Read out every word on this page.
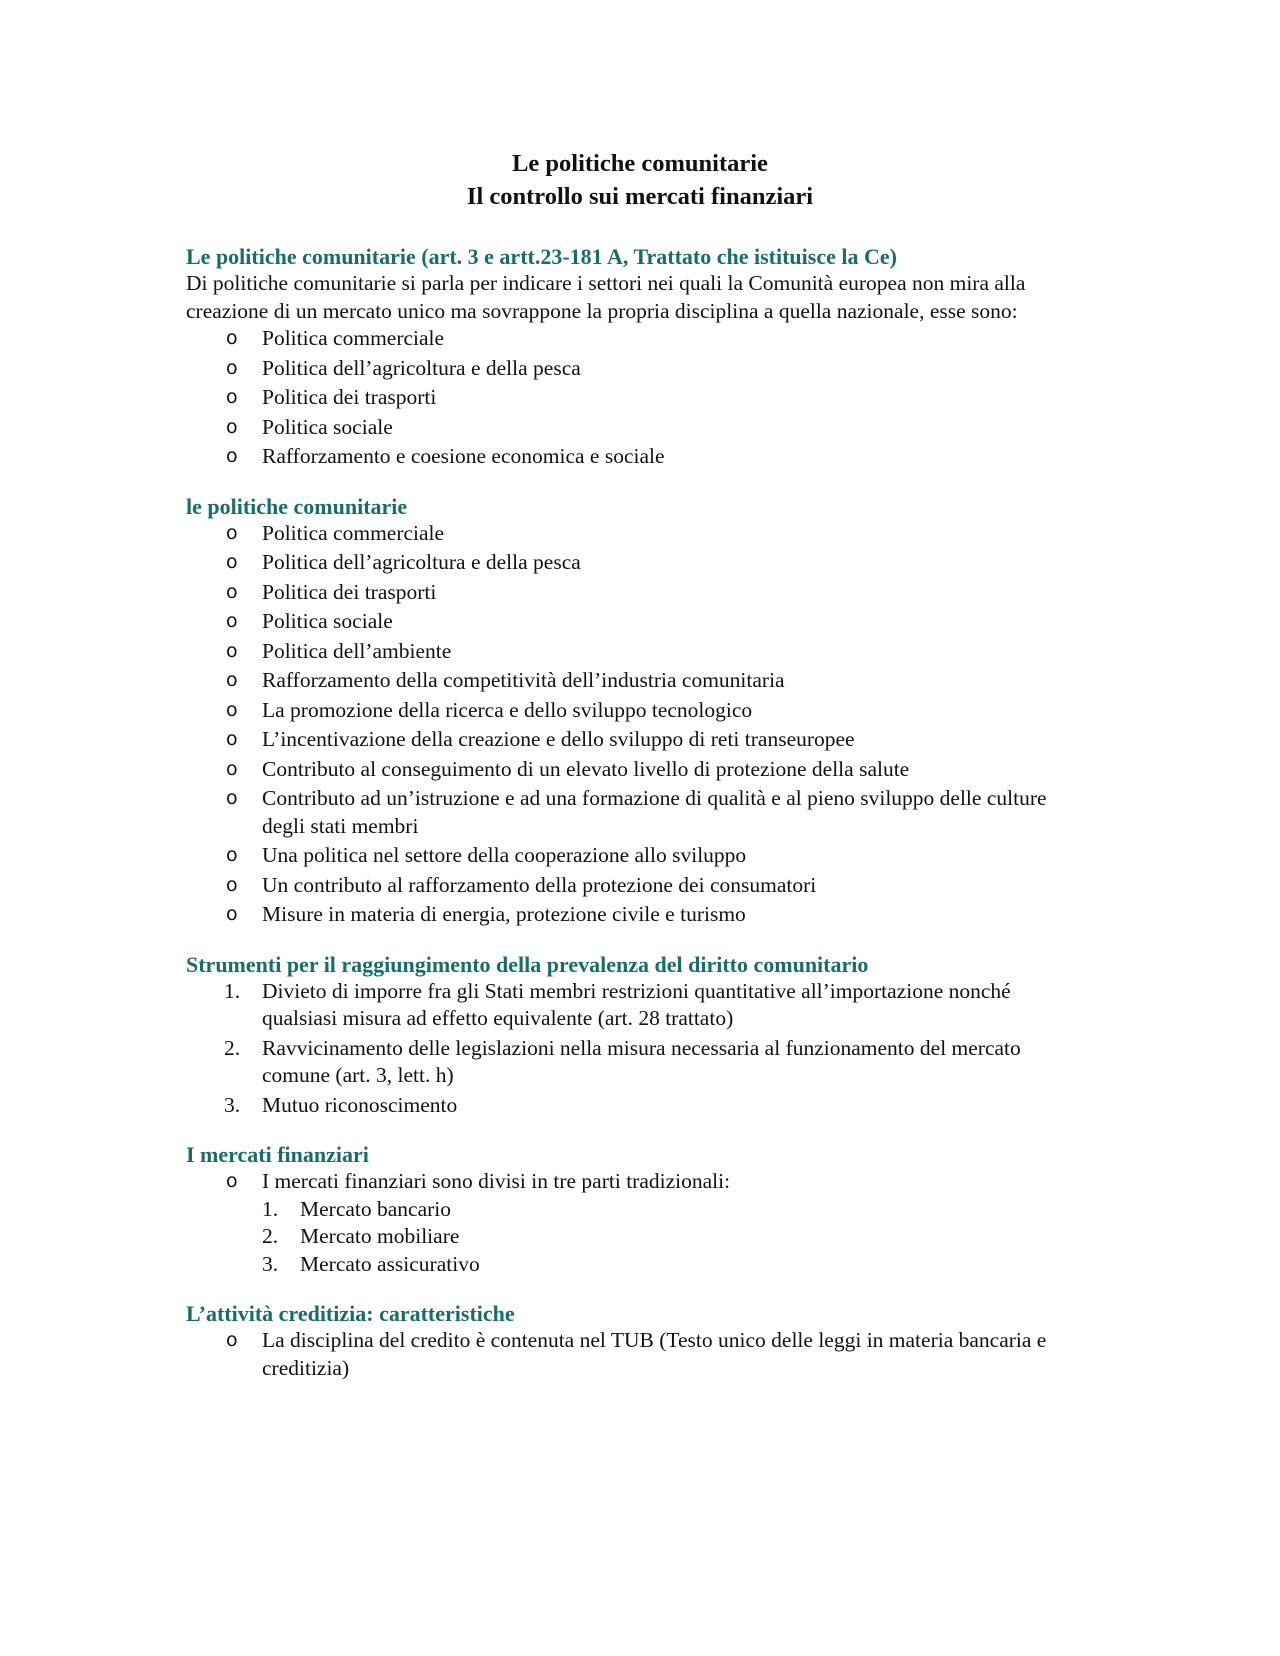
Le politiche comunitarie
Il controllo sui mercati finanziari

Le politiche comunitarie (art. 3 e artt.23-181 A, Trattato che istituisce la Ce)

Di politiche comunitarie si parla per indicare i settori nei quali la Comunità europea non mira alla creazione di un mercato unico ma sovrappone la propria disciplina a quella nazionale, esse sono:

o Politica commerciale
o Politica dell’agricoltura e della pesca
o Politica dei trasporti
o Politica sociale
o Rafforzamento e coesione economica e sociale

le politiche comunitarie

o Politica commerciale
o Politica dell’agricoltura e della pesca
o Politica dei trasporti
o Politica sociale
o Politica dell’ambiente
o Rafforzamento della competitività dell’industria comunitaria
o La promozione della ricerca e dello sviluppo tecnologico
o L’incentivazione della creazione e dello sviluppo di reti transeuropee
o Contributo al conseguimento di un elevato livello di protezione della salute
o Contributo ad un’istruzione e ad una formazione di qualità e al pieno sviluppo delle culture degli stati membri
o Una politica nel settore della cooperazione allo sviluppo
o Un contributo al rafforzamento della protezione dei consumatori
o Misure in materia di energia, protezione civile e turismo

Strumenti per il raggiungimento della prevalenza del diritto comunitario

1.	Divieto di imporre fra gli Stati membri restrizioni quantitative all’importazione nonché qualsiasi misura ad effetto equivalente (art. 28 trattato)
2.	Ravvicinamento delle legislazioni nella misura necessaria al funzionamento del mercato comune (art. 3, lett. h)
3.	Mutuo riconoscimento

I mercati finanziari

o I mercati finanziari sono divisi in tre parti tradizionali:
1.	Mercato bancario
2.	Mercato mobiliare
3.	Mercato assicurativo

L’attività creditizia: caratteristiche

o La disciplina del credito è contenuta nel TUB (Testo unico delle leggi in materia bancaria e creditizia)
